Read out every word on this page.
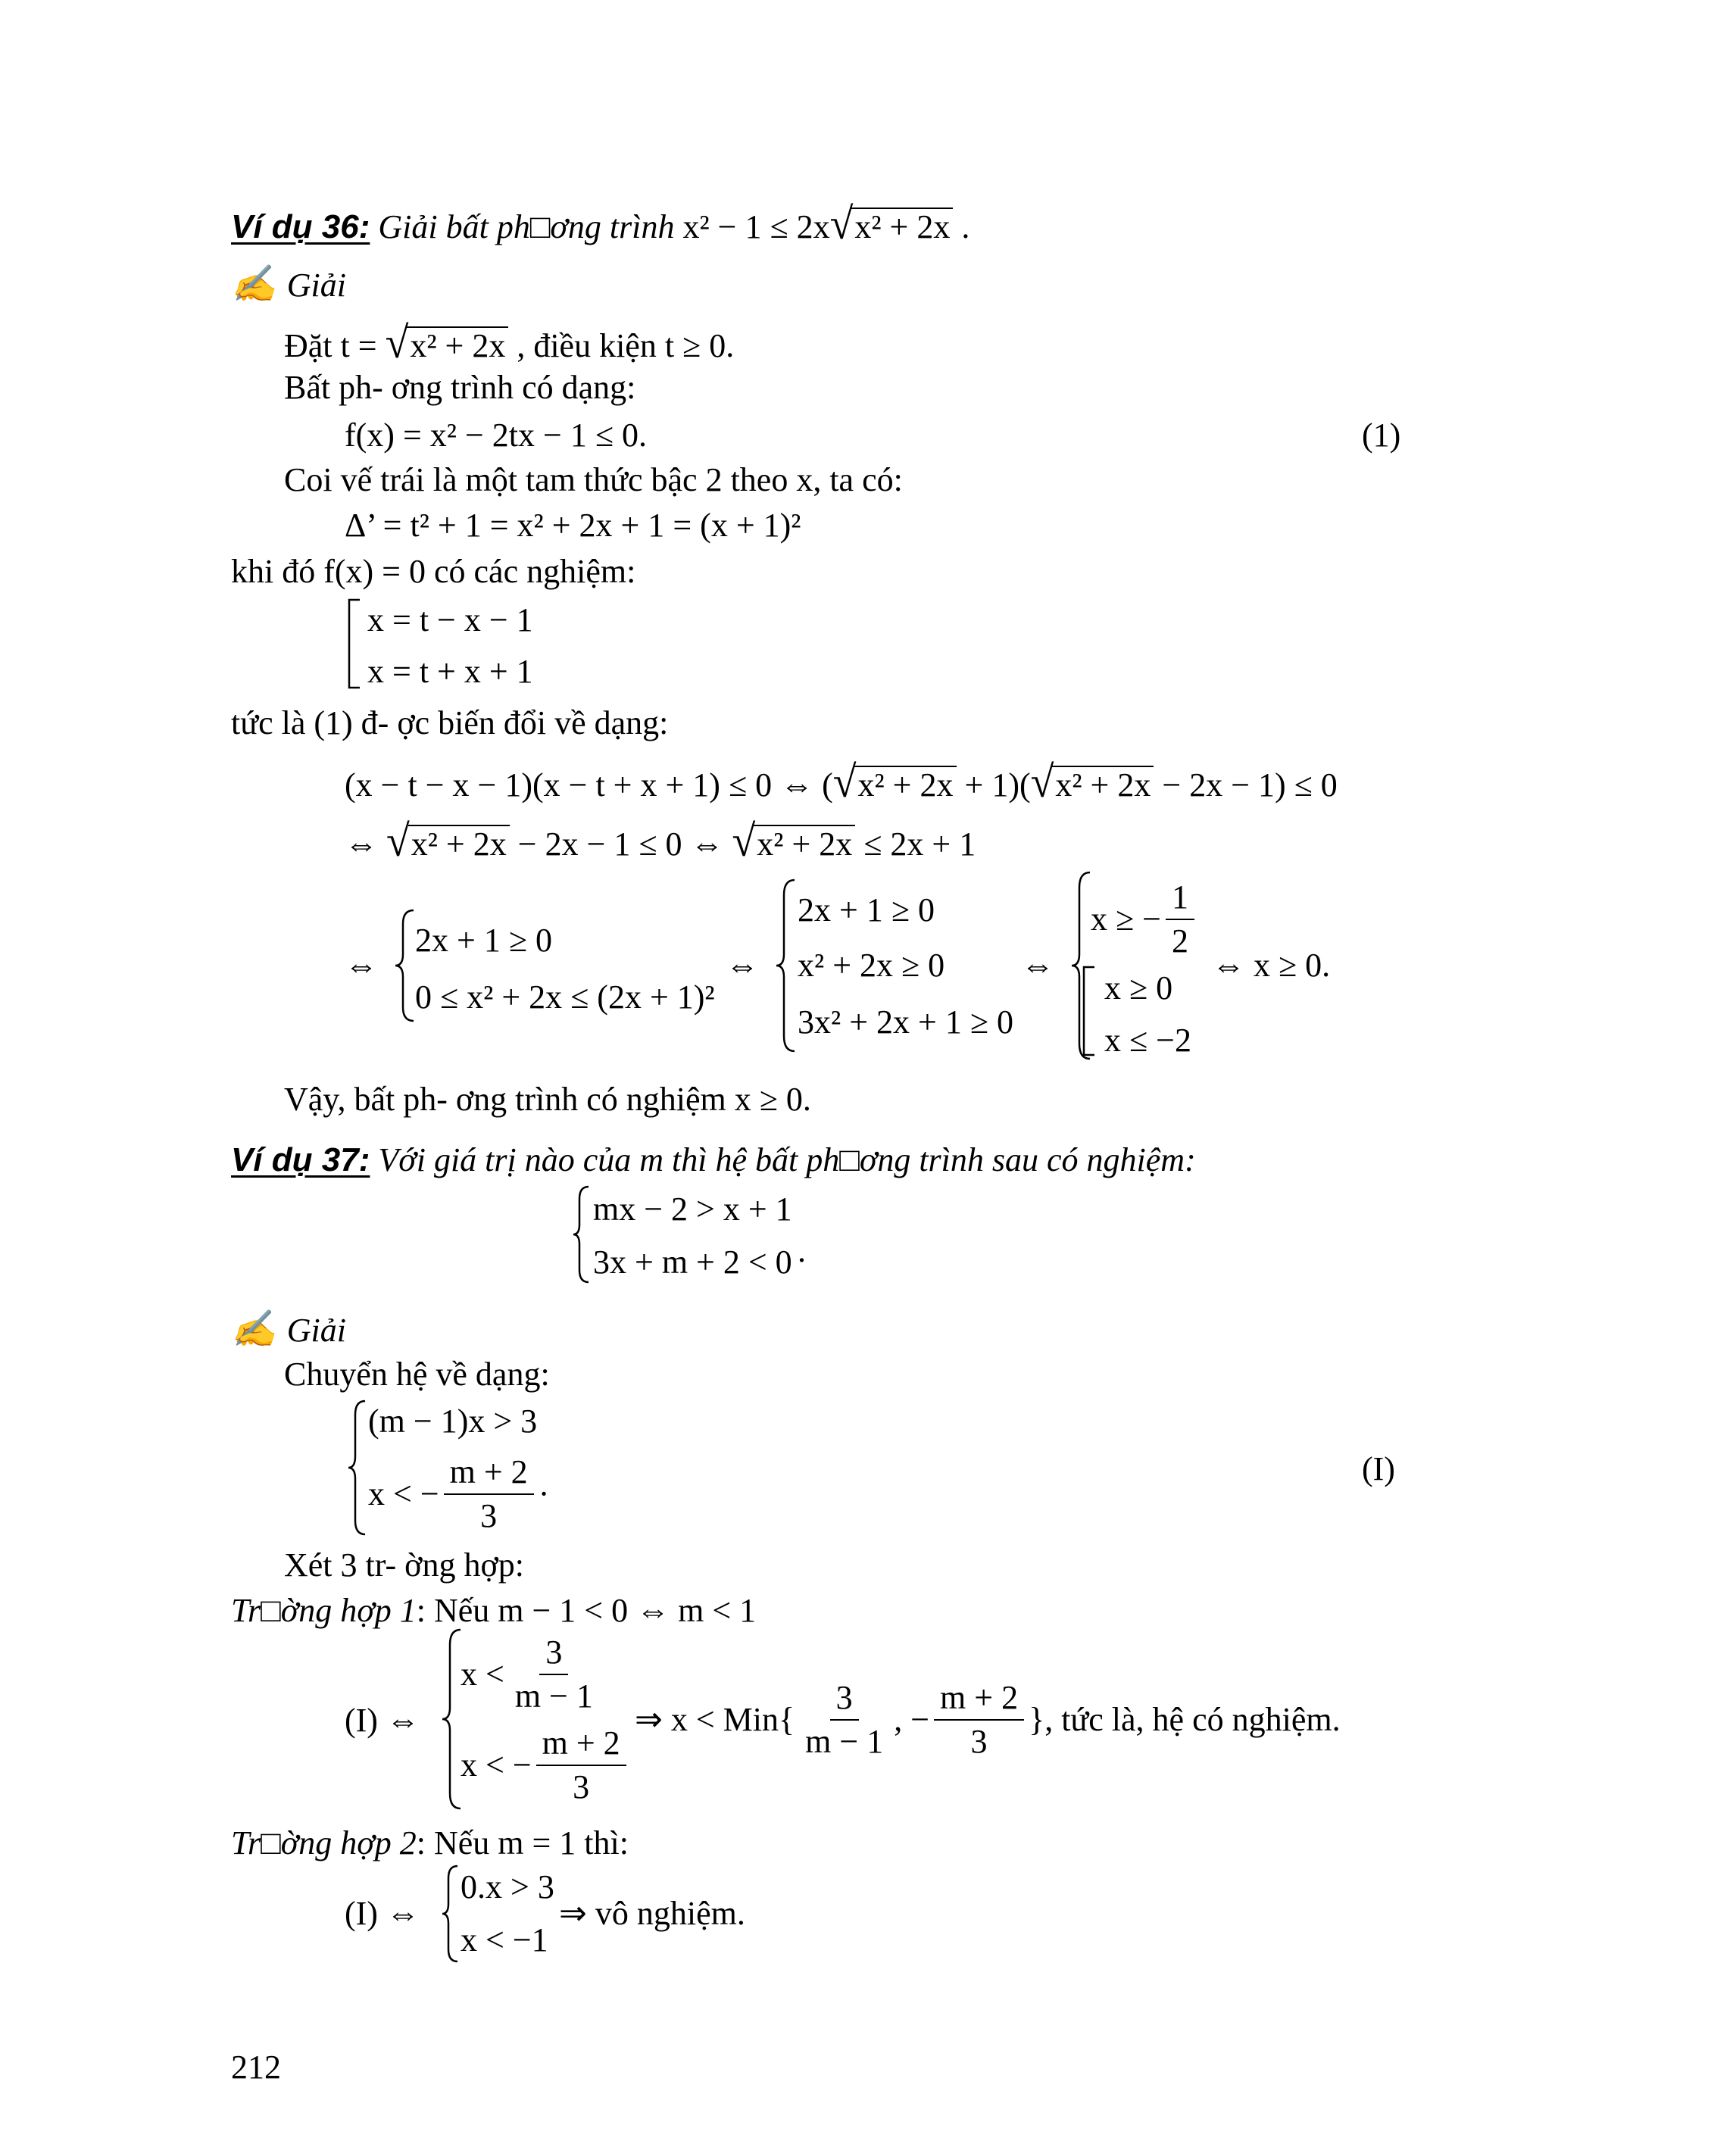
Ví dụ 36: Giải bất ph□ơng trình x² − 1 ≤ 2x√x² + 2x .
✍ Giải
Đặt t = √x² + 2x , điều kiện t ≥ 0.
Bất ph- ơng trình có dạng:
f(x) = x² − 2tx − 1 ≤ 0.	(1)
Coi vế trái là một tam thức bậc 2 theo x, ta có:
Δ’ = t² + 1 = x² + 2x + 1 = (x + 1)²
khi đó f(x) = 0 có các nghiệm:
x = t − x − 1
x = t + x + 1
tức là (1) đ- ợc biến đổi về dạng:
(x − t − x − 1)(x − t + x + 1) ≤ 0 ⇔ (√x² + 2x + 1)(√x² + 2x − 2x − 1) ≤ 0
⇔ √x² + 2x − 2x − 1 ≤ 0 ⇔ √x² + 2x ≤ 2x + 1
⇔
2x + 1 ≥ 0
0 ≤ x² + 2x ≤ (2x + 1)²
⇔
2x + 1 ≥ 0
x² + 2x ≥ 0
3x² + 2x + 1 ≥ 0
⇔
x ≥ − $\frac{1}{2}$
x ≥ 0
x ≤ −2
⇔ x ≥ 0.
Vậy, bất ph- ơng trình có nghiệm x ≥ 0.
Ví dụ 37: Với giá trị nào của m thì hệ bất ph□ơng trình sau có nghiệm:
mx − 2 > x + 1
3x + m + 2 < 0 .
✍ Giải
Chuyển hệ về dạng:
(m − 1)x > 3
x < − $\frac{m + 2}{3}$ ·
(I)
Xét 3 tr- ờng hợp:
Tr□ờng hợp 1: Nếu m − 1 < 0 ⇔ m < 1
(I) ⇔
$x < \frac{3}{m - 1}$
x < − $\frac{m + 2}{3}$
⇒ $x < Min\{ \frac{3}{m - 1}$ , − $\frac{m + 2}{3}$ }, tức là, hệ có nghiệm.
Tr□ờng hợp 2: Nếu m = 1 thì:
(I) ⇔
0.x > 3
x < −1
⇒ vô nghiệm.
212
